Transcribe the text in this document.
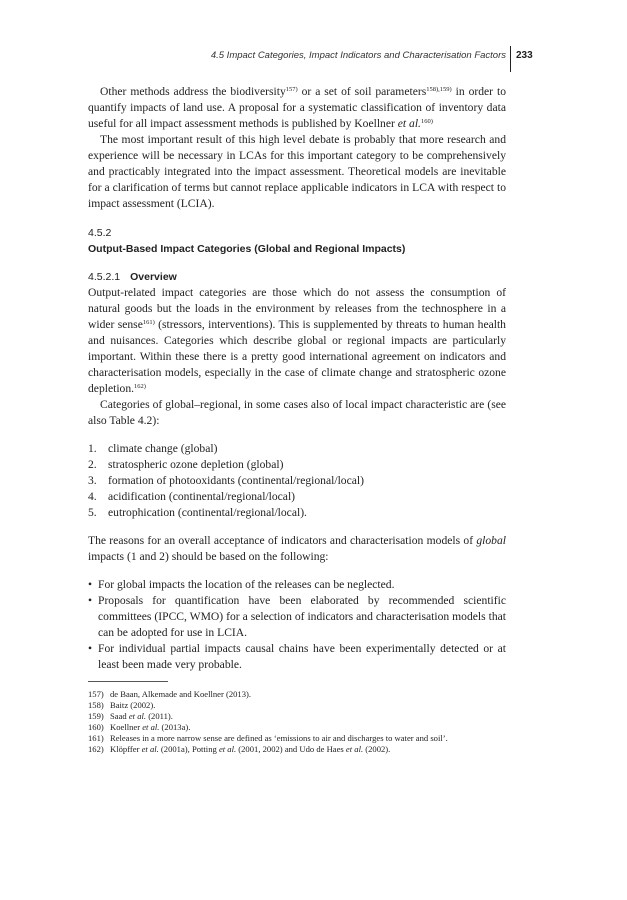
4.5 Impact Categories, Impact Indicators and Characterisation Factors 233

Other methods address the biodiversity$^{157)}$ or a set of soil parameters$^{158),159)}$ in order to quantify impacts of land use. A proposal for a systematic classification of inventory data useful for all impact assessment methods is published by Koellner et al.$^{160)}$

The most important result of this high level debate is probably that more research and experience will be necessary in LCAs for this important category to be comprehensively and practicably integrated into the impact assessment. Theoretical models are inevitable for a clarification of terms but cannot replace applicable indicators in LCA with respect to impact assessment (LCIA).

4.5.2
Output-Based Impact Categories (Global and Regional Impacts)
4.5.2.1 Overview

Output-related impact categories are those which do not assess the consumption of natural goods but the loads in the environment by releases from the technosphere in a wider sense$^{161)}$ (stressors, interventions). This is supplemented by threats to human health and nuisances. Categories which describe global or regional impacts are particularly important. Within these there is a pretty good international agreement on indicators and characterisation models, especially in the case of climate change and stratospheric ozone depletion.$^{162)}$

Categories of global–regional, in some cases also of local impact characteristic are (see also Table 4.2):

1. climate change (global)
2. stratospheric ozone depletion (global)
3. formation of photooxidants (continental/regional/local)
4. acidification (continental/regional/local)
5. eutrophication (continental/regional/local).

The reasons for an overall acceptance of indicators and characterisation models of global impacts (1 and 2) should be based on the following:

• For global impacts the location of the releases can be neglected.
• Proposals for quantification have been elaborated by recommended scientific committees (IPCC, WMO) for a selection of indicators and characterisation models that can be adopted for use in LCIA.
• For individual partial impacts causal chains have been experimentally detected or at least been made very probable.
157) de Baan, Alkemade and Koellner (2013).
158) Baitz (2002).
159) Saad et al. (2011).
160) Koellner et al. (2013a).
161) Releases in a more narrow sense are defined as ‘emissions to air and discharges to water and soil’.
162) Klöpffer et al. (2001a), Potting et al. (2001, 2002) and Udo de Haes et al. (2002).
